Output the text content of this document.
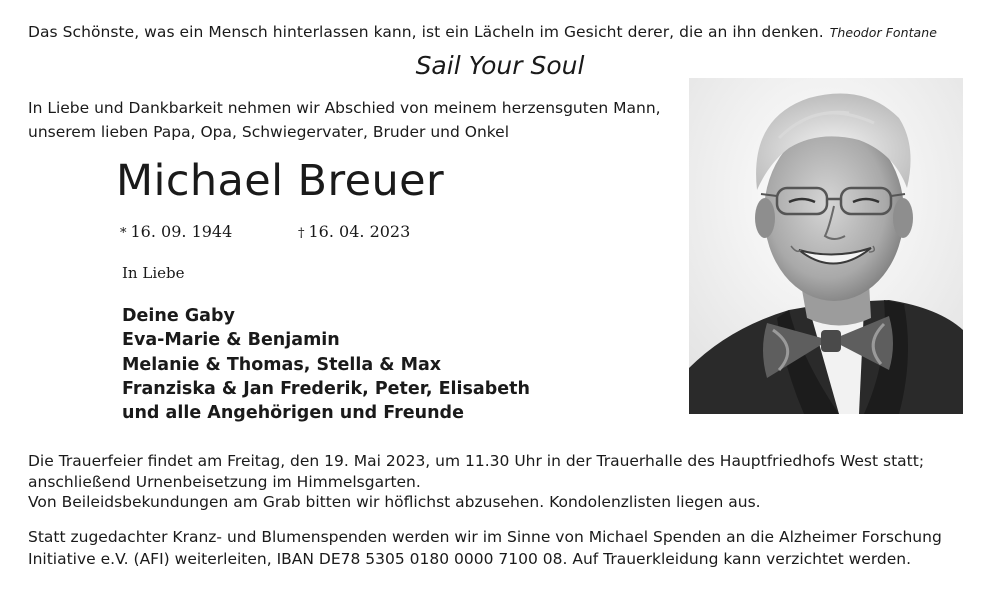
Das Schönste, was ein Mensch hinterlassen kann, ist ein Lächeln im Gesicht derer, die an ihn denken. Theodor Fontane
Sail Your Soul
In Liebe und Dankbarkeit nehmen wir Abschied von meinem herzensguten Mann,
unserem lieben Papa, Opa, Schwiegervater, Bruder und Onkel
Michael Breuer
* 16. 09. 1944	† 16. 04. 2023
In Liebe
Deine Gaby
Eva-Marie & Benjamin
Melanie & Thomas, Stella & Max
Franziska & Jan Frederik, Peter, Elisabeth
und alle Angehörigen und Freunde
Die Trauerfeier findet am Freitag, den 19. Mai 2023, um 11.30 Uhr in der Trauerhalle des Hauptfriedhofs West statt;
anschließend Urnenbeisetzung im Himmelsgarten.
Von Beileidsbekundungen am Grab bitten wir höflichst abzusehen. Kondolenzlisten liegen aus.
Statt zugedachter Kranz- und Blumenspenden werden wir im Sinne von Michael Spenden an die Alzheimer Forschung
Initiative e.V. (AFI) weiterleiten, IBAN DE78 5305 0180 0000 7100 08. Auf Trauerkleidung kann verzichtet werden.
